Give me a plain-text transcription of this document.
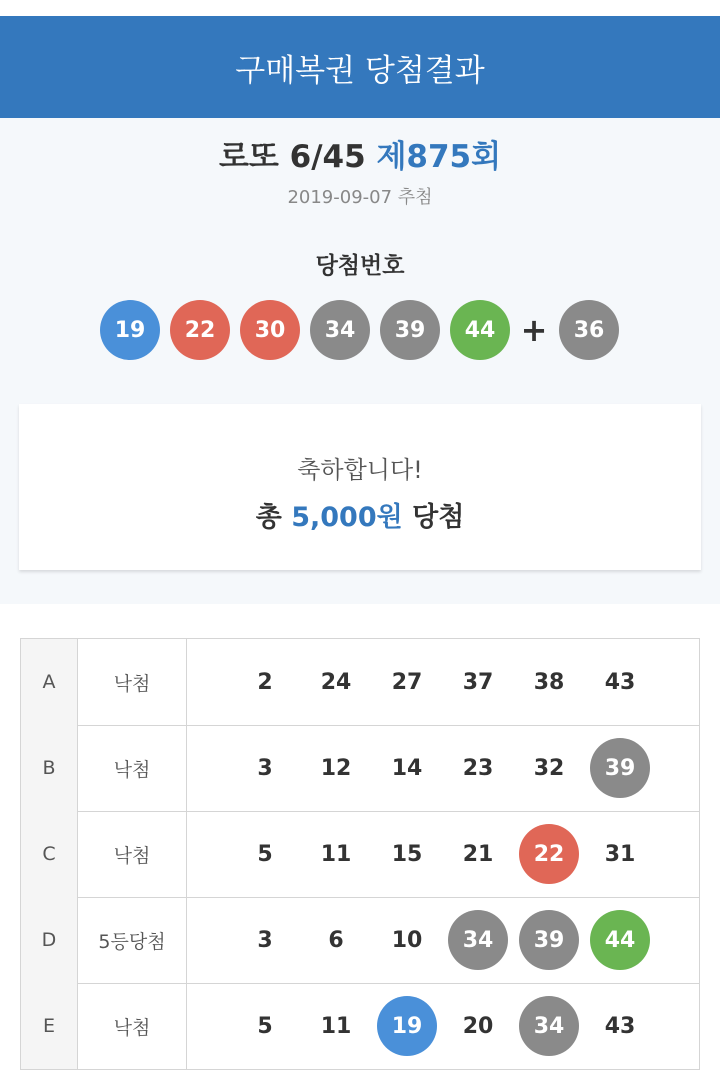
구매복권 당첨결과
로또 6/45 제875회
2019-09-07 추첨
당첨번호
19	22	30	34	39	44 +	36
축하합니다!
총 5,000원 당첨
A	낙첨	2	24	27	37	38	43
B	낙첨	3	12	14	23	32	39
C	낙첨	5	11	15	21	22	31
D	5등당첨	3	6	10	34	39	44
E	낙첨	5	11	19	20	34	43
